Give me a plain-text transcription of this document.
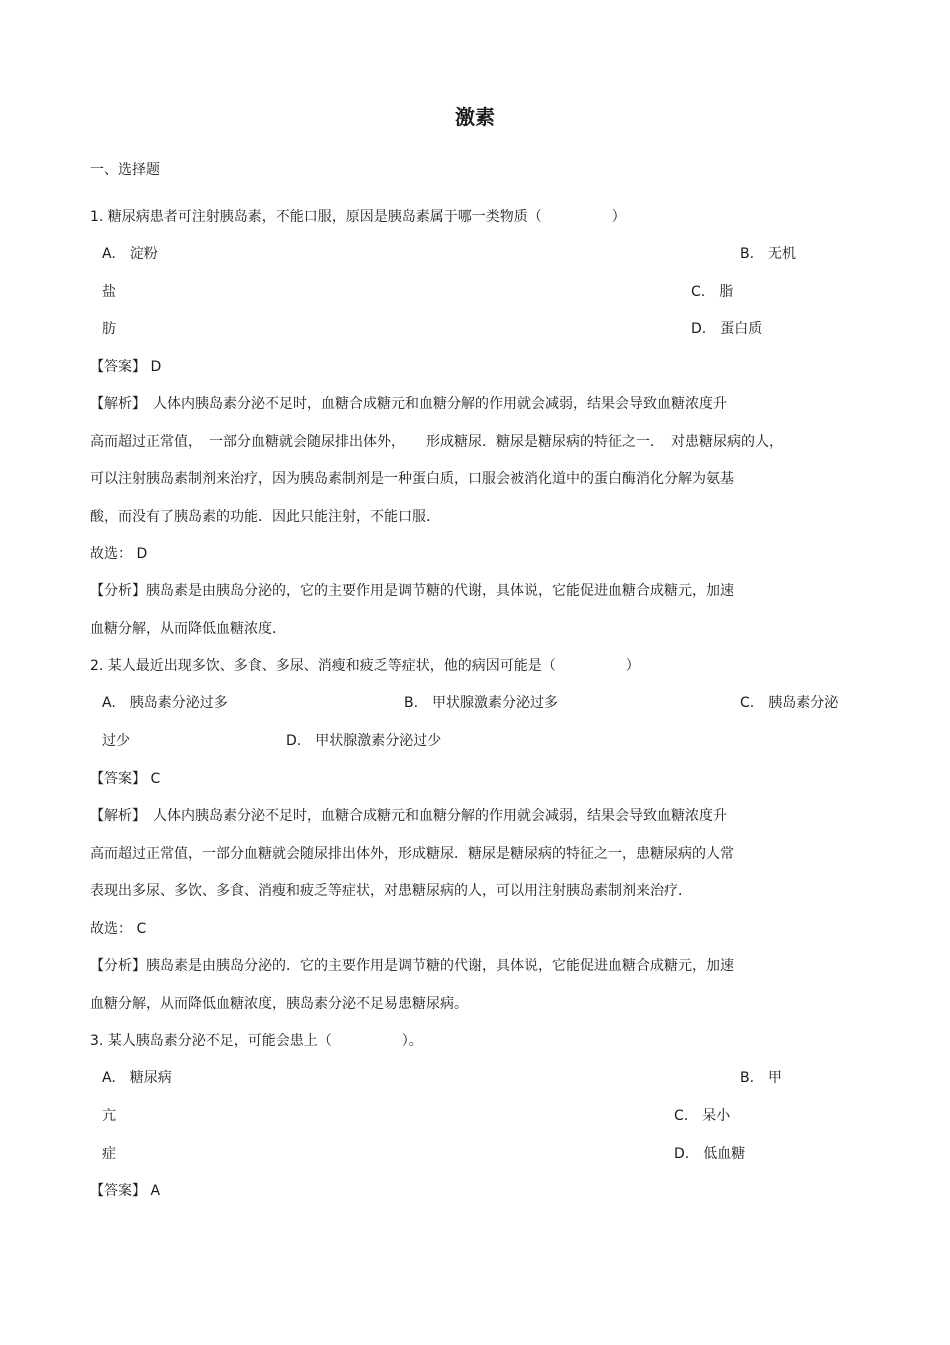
激素
一、选择题
1. 糖尿病患者可注射胰岛素，不能口服，原因是胰岛素属于哪一类物质（　　　　　）
A.　淀粉	B.　无机
盐	C.　脂
肪	D.　蛋白质
【答案】 D
【解析】　人体内胰岛素分泌不足时，血糖合成糖元和血糖分解的作用就会减弱，结果会导致血糖浓度升
高而超过正常值，　一部分血糖就会随尿排出体外，　　形成糖尿．糖尿是糖尿病的特征之一．　对患糖尿病的人，
可以注射胰岛素制剂来治疗，因为胰岛素制剂是一种蛋白质，口服会被消化道中的蛋白酶消化分解为氨基
酸，而没有了胰岛素的功能．因此只能注射，不能口服．
故选： D
【分析】胰岛素是由胰岛分泌的，它的主要作用是调节糖的代谢，具体说，它能促进血糖合成糖元，加速
血糖分解，从而降低血糖浓度．
2. 某人最近出现多饮、多食、多尿、消瘦和疲乏等症状，他的病因可能是（　　　　　）
A.　胰岛素分泌过多	B.　甲状腺激素分泌过多	C.　胰岛素分泌
过少	D.　甲状腺激素分泌过少
【答案】 C
【解析】　人体内胰岛素分泌不足时，血糖合成糖元和血糖分解的作用就会减弱，结果会导致血糖浓度升
高而超过正常值，一部分血糖就会随尿排出体外，形成糖尿．糖尿是糖尿病的特征之一，患糖尿病的人常
表现出多尿、多饮、多食、消瘦和疲乏等症状，对患糖尿病的人，可以用注射胰岛素制剂来治疗．
故选： C
【分析】胰岛素是由胰岛分泌的．它的主要作用是调节糖的代谢，具体说，它能促进血糖合成糖元，加速
血糖分解，从而降低血糖浓度，胰岛素分泌不足易患糖尿病。
3. 某人胰岛素分泌不足，可能会患上（　　　　　）。
A.　糖尿病	B.　甲
亢	C.　呆小
症	D.　低血糖
【答案】 A
